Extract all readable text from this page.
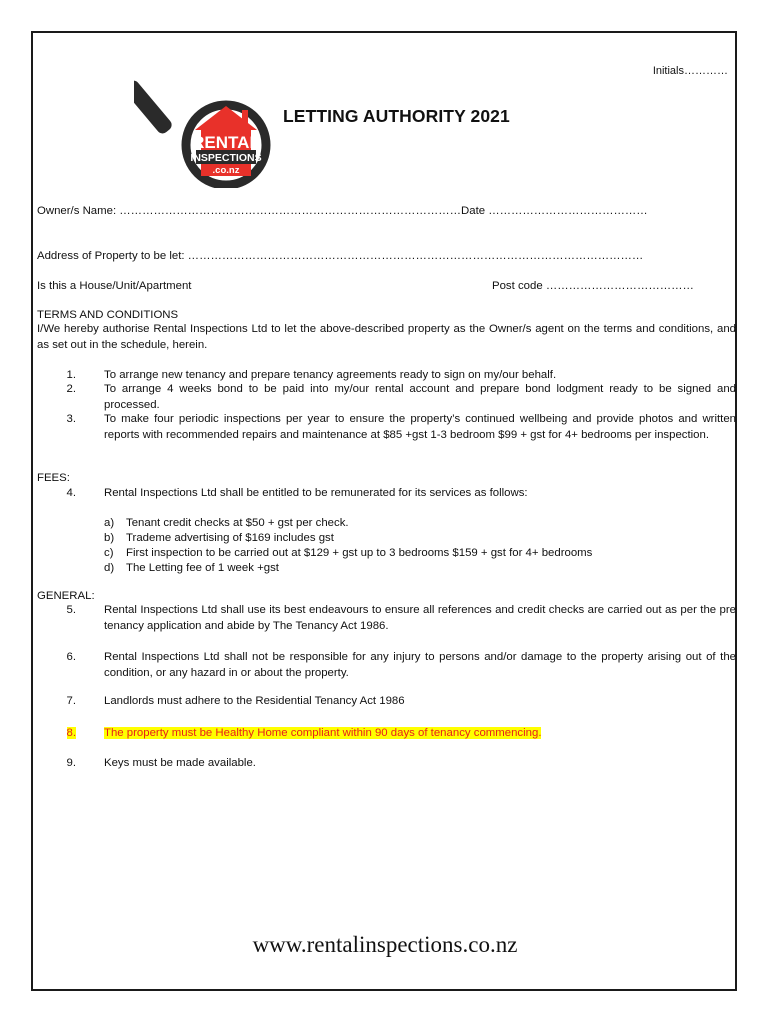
Initials…………
RENTAL
INSPECTIONS
.co.nz
LETTING AUTHORITY 2021
Owner/s Name: ………………………………………………………………………………Date ……………………………………
Address of Property to be let: …………………………………………………………………………………………………………
Is this a House/Unit/Apartment	Post code …………………………………
TERMS AND CONDITIONS
I/We hereby authorise Rental Inspections Ltd to let the above-described property as the Owner/s agent on the terms and conditions, and as set out in the schedule, herein.
1. To arrange new tenancy and prepare tenancy agreements ready to sign on my/our behalf.
2. To arrange 4 weeks bond to be paid into my/our rental account and prepare bond lodgment ready to be signed and processed.
3. To make four periodic inspections per year to ensure the property’s continued wellbeing and provide photos and written reports with recommended repairs and maintenance at $85 +gst 1-3 bedroom $99 + gst for 4+ bedrooms per inspection.
FEES:
4. Rental Inspections Ltd shall be entitled to be remunerated for its services as follows:
a) Tenant credit checks at $50 + gst per check.
b) Trademe advertising of $169 includes gst
c) First inspection to be carried out at $129 + gst up to 3 bedrooms $159 + gst for 4+ bedrooms
d) The Letting fee of 1 week +gst
GENERAL:
5. Rental Inspections Ltd shall use its best endeavours to ensure all references and credit checks are carried out as per the pre tenancy application and abide by The Tenancy Act 1986.
6. Rental Inspections Ltd shall not be responsible for any injury to persons and/or damage to the property arising out of the condition, or any hazard in or about the property.
7. Landlords must adhere to the Residential Tenancy Act 1986
8. The property must be Healthy Home compliant within 90 days of tenancy commencing.
9. Keys must be made available.
www.rentalinspections.co.nz
